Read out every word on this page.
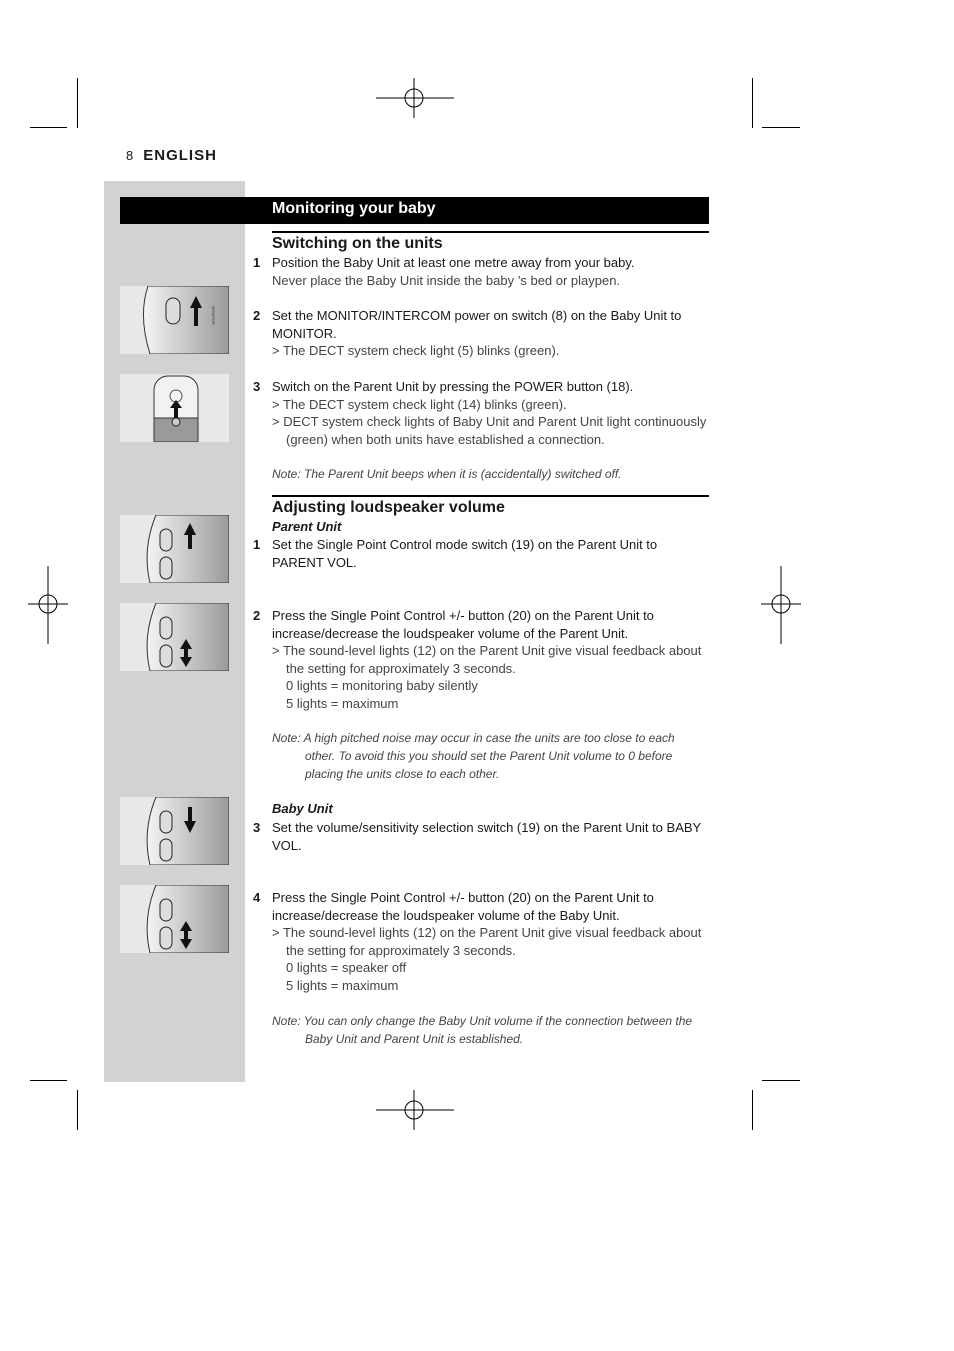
8 ENGLISH
Monitoring your baby
MONITOR
Switching on the units
1 Position the Baby Unit at least one metre away from your baby.
Never place the Baby Unit inside the baby ’s bed or playpen.
2 Set the MONITOR/INTERCOM power on switch (8) on the Baby Unit to MONITOR.
> The DECT system check light (5) blinks (green).
3 Switch on the Parent Unit by pressing the POWER button (18).
> The DECT system check light (14) blinks (green).
> DECT system check lights of Baby Unit and Parent Unit light continuously
(green) when both units have established a connection.
Note: The Parent Unit beeps when it is (accidentally) switched off.
Adjusting loudspeaker volume
Parent Unit
1 Set the Single Point Control mode switch (19) on the Parent Unit to PARENT VOL.
2 Press the Single Point Control +/- button (20) on the Parent Unit to increase/decrease the loudspeaker volume of the Parent Unit.
> The sound-level lights (12) on the Parent Unit give visual feedback about
the setting for approximately 3 seconds.
0 lights = monitoring baby silently
5 lights = maximum
Note: A high pitched noise may occur in case the units are too close to each
other. To avoid this you should set the Parent Unit volume to 0 before
placing the units close to each other.
Baby Unit
3 Set the volume/sensitivity selection switch (19) on the Parent Unit to BABY VOL.
4 Press the Single Point Control +/- button (20) on the Parent Unit to increase/decrease the loudspeaker volume of the Baby Unit.
> The sound-level lights (12) on the Parent Unit give visual feedback about
the setting for approximately 3 seconds.
0 lights = speaker off
5 lights = maximum
Note: You can only change the Baby Unit volume if the connection between the
Baby Unit and Parent Unit is established.
